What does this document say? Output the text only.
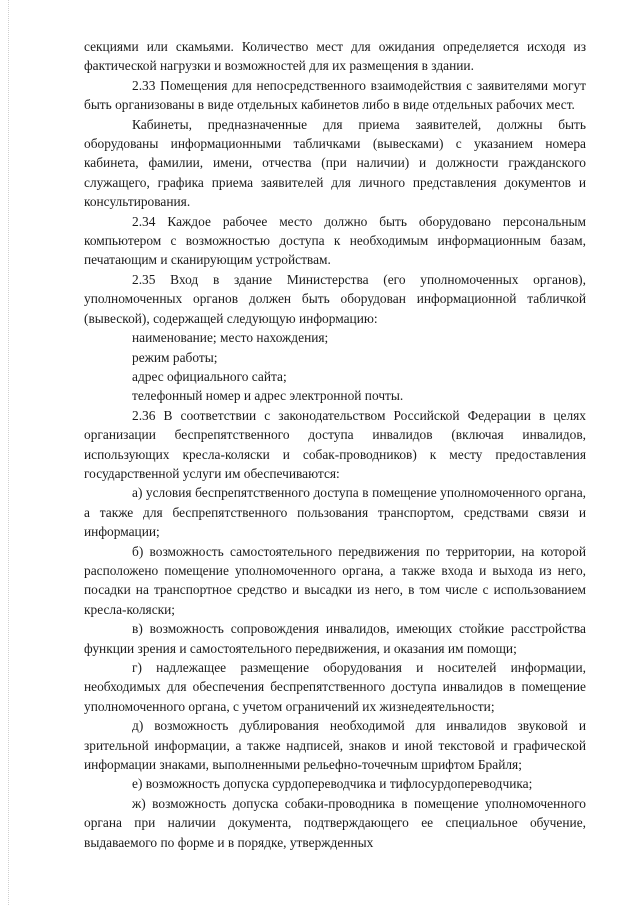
секциями или скамьями. Количество мест для ожидания определяется исходя из фактической нагрузки и возможностей для их размещения в здании.

2.33 Помещения для непосредственного взаимодействия с заявителями могут быть организованы в виде отдельных кабинетов либо в виде отдельных рабочих мест.

Кабинеты, предназначенные для приема заявителей, должны быть оборудованы информационными табличками (вывесками) с указанием номера кабинета, фамилии, имени, отчества (при наличии) и должности гражданского служащего, графика приема заявителей для личного представления документов и консультирования.

2.34 Каждое рабочее место должно быть оборудовано персональным компьютером с возможностью доступа к необходимым информационным базам, печатающим и сканирующим устройствам.

2.35 Вход в здание Министерства (его уполномоченных органов), уполномоченных органов должен быть оборудован информационной табличкой (вывеской), содержащей следующую информацию:

наименование; место нахождения;

режим работы;

адрес официального сайта;

телефонный номер и адрес электронной почты.

2.36 В соответствии с законодательством Российской Федерации в целях организации беспрепятственного доступа инвалидов (включая инвалидов, использующих кресла-коляски и собак-проводников) к месту предоставления государственной услуги им обеспечиваются:

а) условия беспрепятственного доступа в помещение уполномоченного органа, а также для беспрепятственного пользования транспортом, средствами связи и информации;

б) возможность самостоятельного передвижения по территории, на которой расположено помещение уполномоченного органа, а также входа и выхода из него, посадки на транспортное средство и высадки из него, в том числе с использованием кресла-коляски;

в) возможность сопровождения инвалидов, имеющих стойкие расстройства функции зрения и самостоятельного передвижения, и оказания им помощи;

г) надлежащее размещение оборудования и носителей информации, необходимых для обеспечения беспрепятственного доступа инвалидов в помещение уполномоченного органа, с учетом ограничений их жизнедеятельности;

д) возможность дублирования необходимой для инвалидов звуковой и зрительной информации, а также надписей, знаков и иной текстовой и графической информации знаками, выполненными рельефно-точечным шрифтом Брайля;

е) возможность допуска сурдопереводчика и тифлосурдопереводчика;

ж) возможность допуска собаки-проводника в помещение уполномоченного органа при наличии документа, подтверждающего ее специальное обучение, выдаваемого по форме и в порядке, утвержденных
